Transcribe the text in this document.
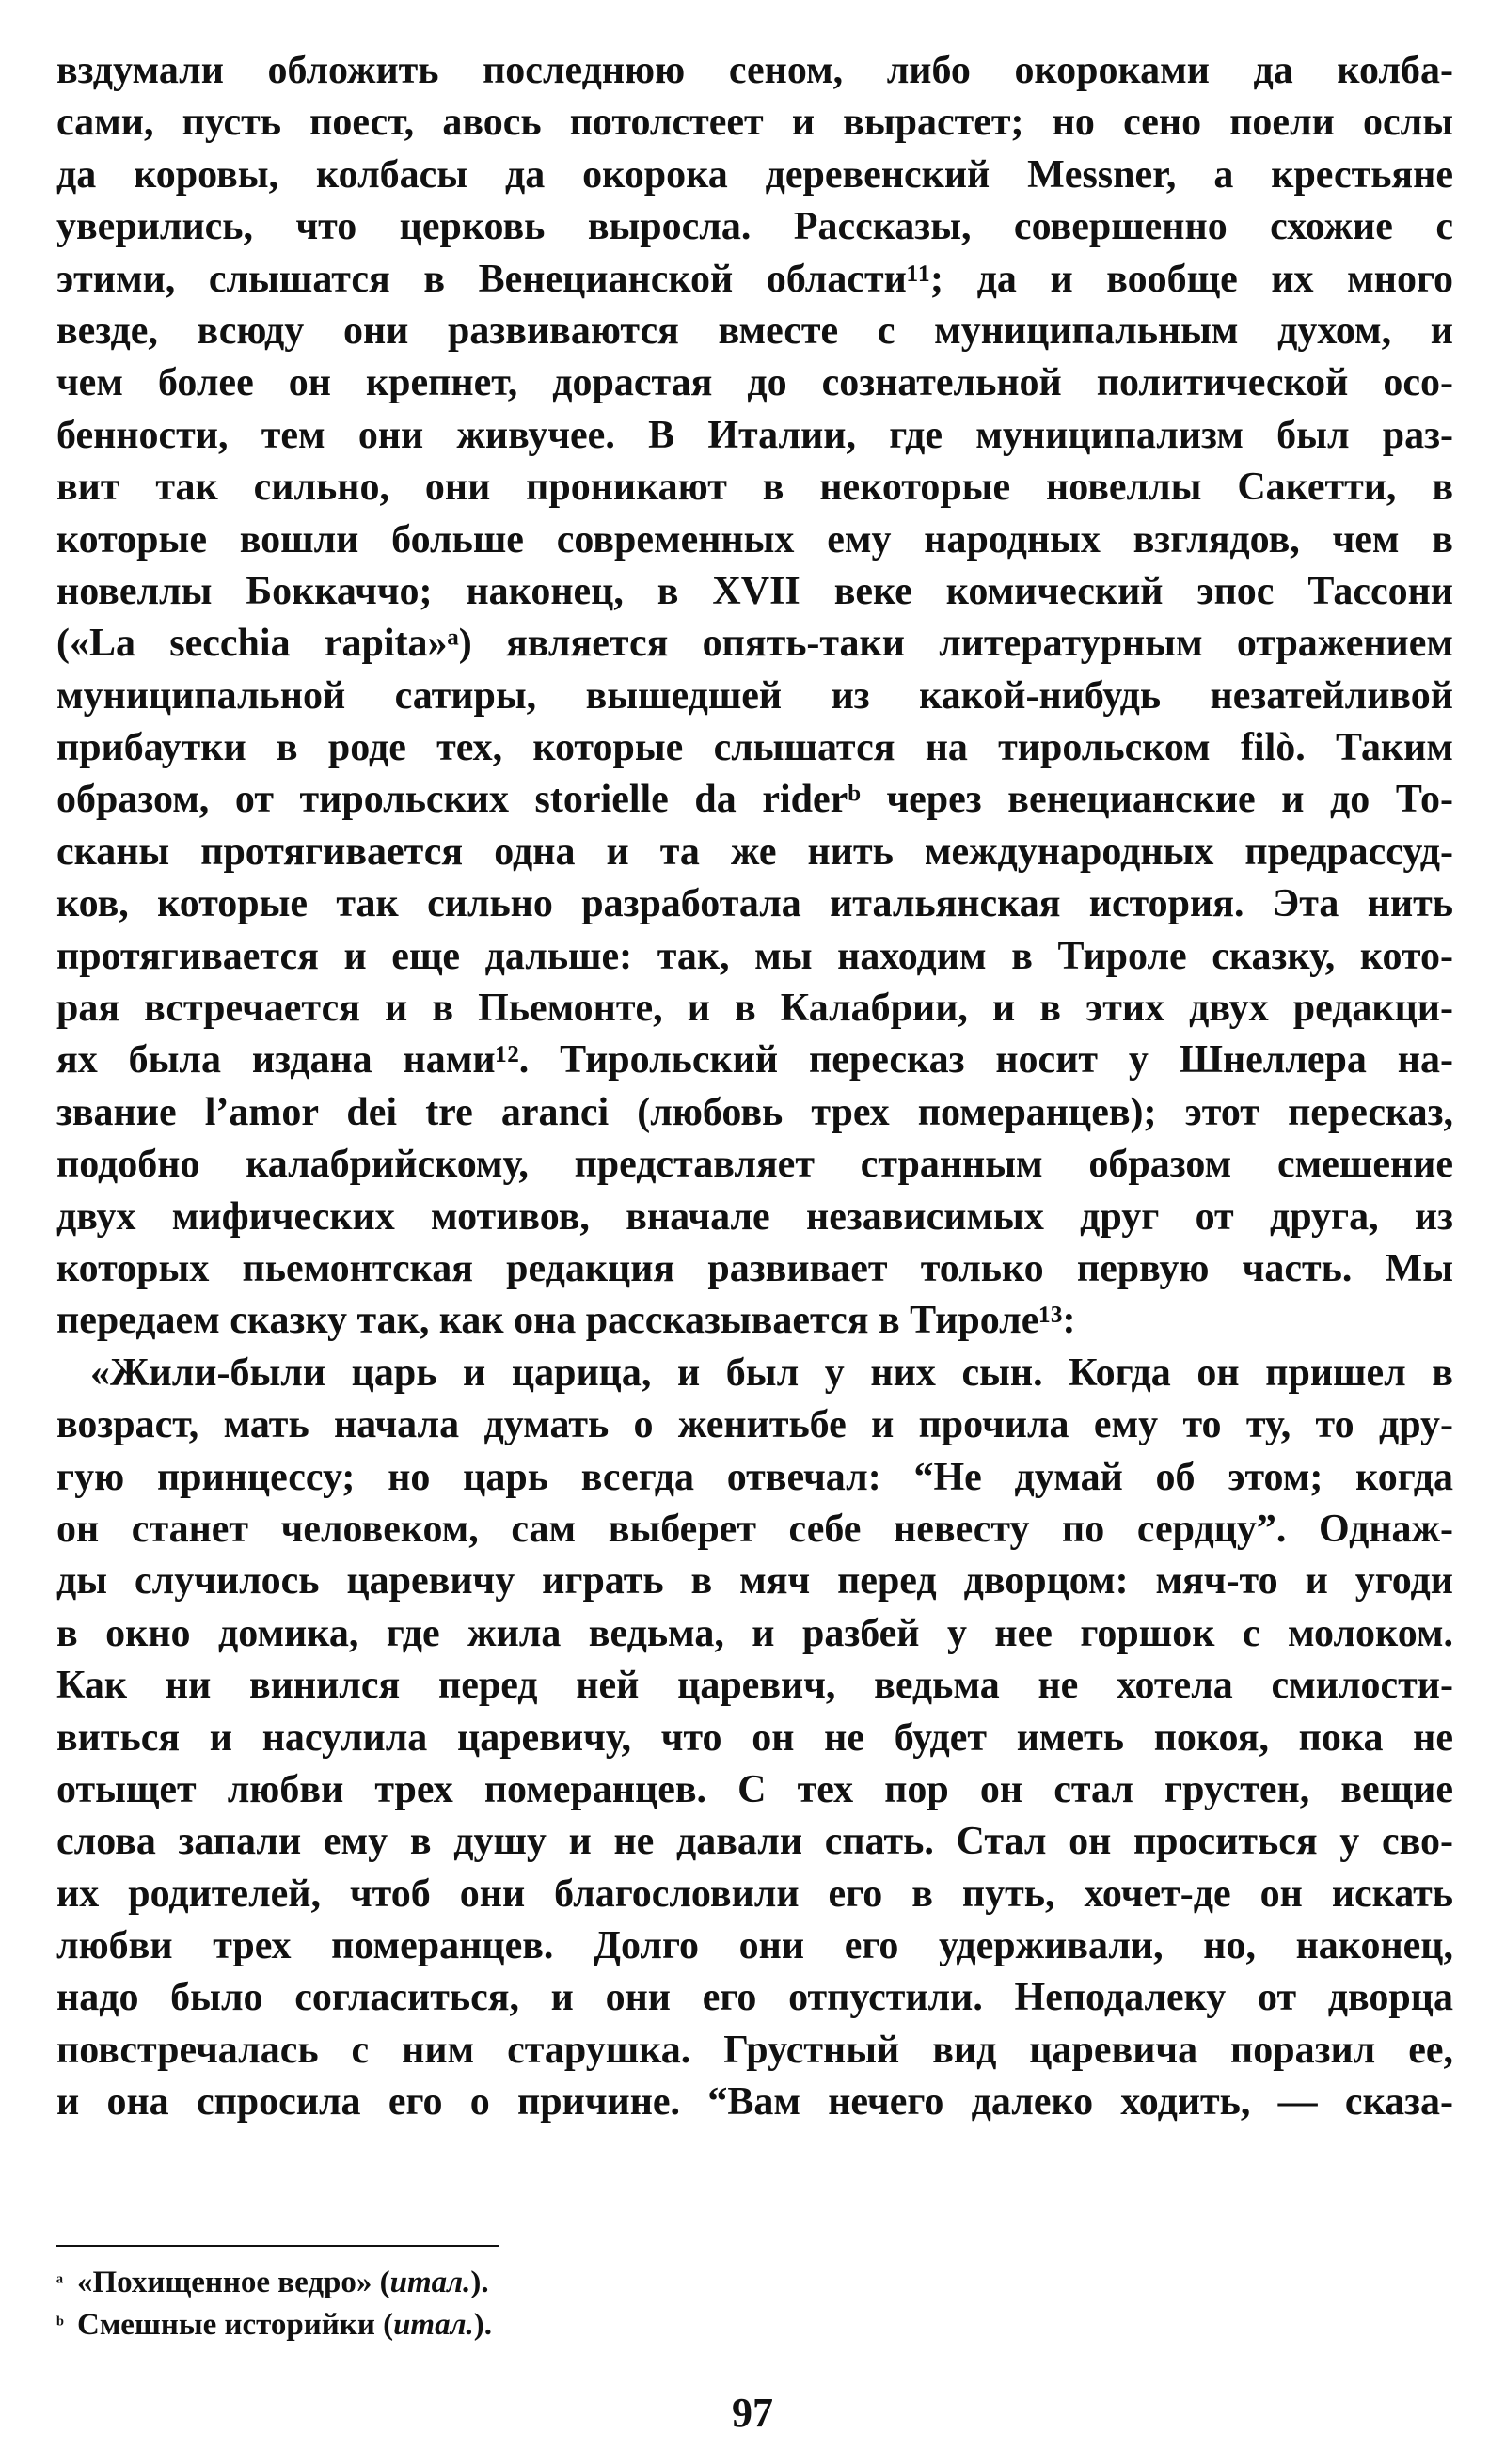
вздумали обложить последнюю сеном, либо окороками да колба-
сами, пусть поест, авось потолстеет и вырастет; но сено поели ослы
да коровы, колбасы да окорока деревенский Messner, а крестьяне
уверились, что церковь выросла. Рассказы, совершенно схожие с
этими, слышатся в Венецианской области¹¹; да и вообще их много
везде, всюду они развиваются вместе с муниципальным духом, и
чем более он крепнет, дорастая до сознательной политической осо-
бенности, тем они живучее. В Италии, где муниципализм был раз-
вит так сильно, они проникают в некоторые новеллы Сакетти, в
которые вошли больше современных ему народных взглядов, чем в
новеллы Боккаччо; наконец, в XVII веке комический эпос Тассони
(«La secchia rapita»ᵃ) является опять-таки литературным отражением
муниципальной сатиры, вышедшей из какой-нибудь незатейливой
прибаутки в роде тех, которые слышатся на тирольском filò. Таким
образом, от тирольских storielle da riderᵇ через венецианские и до То-
сканы протягивается одна и та же нить международных предрассуд-
ков, которые так сильно разработала итальянская история. Эта нить
протягивается и еще дальше: так, мы находим в Тироле сказку, кото-
рая встречается и в Пьемонте, и в Калабрии, и в этих двух редакци-
ях была издана нами¹². Тирольский пересказ носит у Шнеллера на-
звание l’amor dei tre aranci (любовь трех померанцев); этот пересказ,
подобно калабрийскому, представляет странным образом смешение
двух мифических мотивов, вначале независимых друг от друга, из
которых пьемонтская редакция развивает только первую часть. Мы
передаем сказку так, как она рассказывается в Тироле¹³:
«Жили-были царь и царица, и был у них сын. Когда он пришел в
возраст, мать начала думать о женитьбе и прочила ему то ту, то дру-
гую принцессу; но царь всегда отвечал: “Не думай об этом; когда
он станет человеком, сам выберет себе невесту по сердцу”. Однаж-
ды случилось царевичу играть в мяч перед дворцом: мяч-то и угоди
в окно домика, где жила ведьма, и разбей у нее горшок с молоком.
Как ни винился перед ней царевич, ведьма не хотела смилости-
виться и насулила царевичу, что он не будет иметь покоя, пока не
отыщет любви трех померанцев. С тех пор он стал грустен, вещие
слова запали ему в душу и не давали спать. Стал он проситься у сво-
их родителей, чтоб они благословили его в путь, хочет-де он искать
любви трех померанцев. Долго они его удерживали, но, наконец,
надо было согласиться, и они его отпустили. Неподалеку от дворца
повстречалась с ним старушка. Грустный вид царевича поразил ее,
и она спросила его о причине. “Вам нечего далеко ходить, — сказа-
ᵃ «Похищенное ведро» (итал.).
ᵇ Смешные историйки (итал.).
97
